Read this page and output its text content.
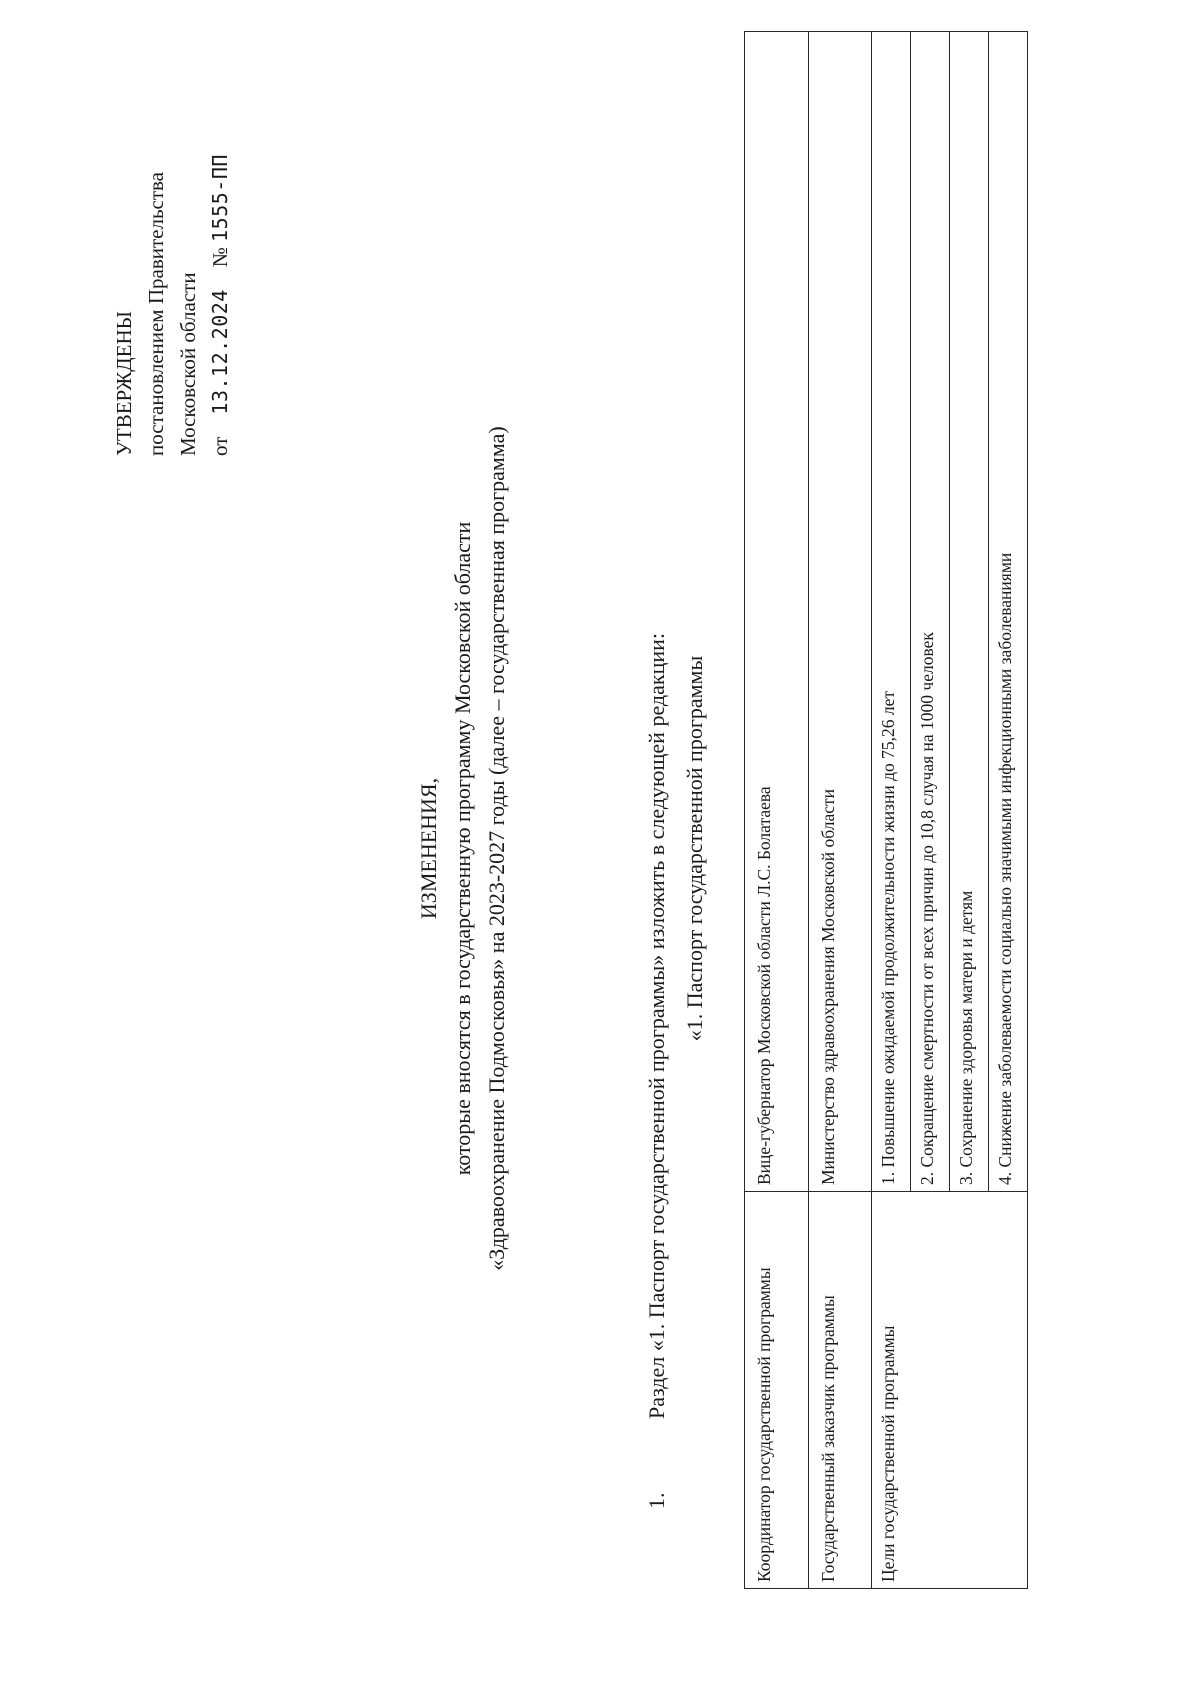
УТВЕРЖДЕНЫ постановлением Правительства Московской области от13.12.2024№ 1555-ПП
ИЗМЕНЕНИЯ, которые вносятся в государственную программу Московской области «Здравоохранение Подмосковья» на 2023-2027 годы (далее – государственная программа)
1.Раздел «1. Паспорт государственной программы» изложить в следующей редакции: «1. Паспорт государственной программы
Координатор государственной программы	Вице-губернатор Московской области Л.С. Болатаева
Государственный заказчик программы	Министерство здравоохранения Московской области
Цели государственной программы	1. Повышение ожидаемой продолжительности жизни до 75,26 лет
	2. Сокращение смертности от всех причин до 10,8 случая на 1000 человек
	3. Сохранение здоровья матери и детям
	4. Снижение заболеваемости социально значимыми инфекционными заболеваниями
